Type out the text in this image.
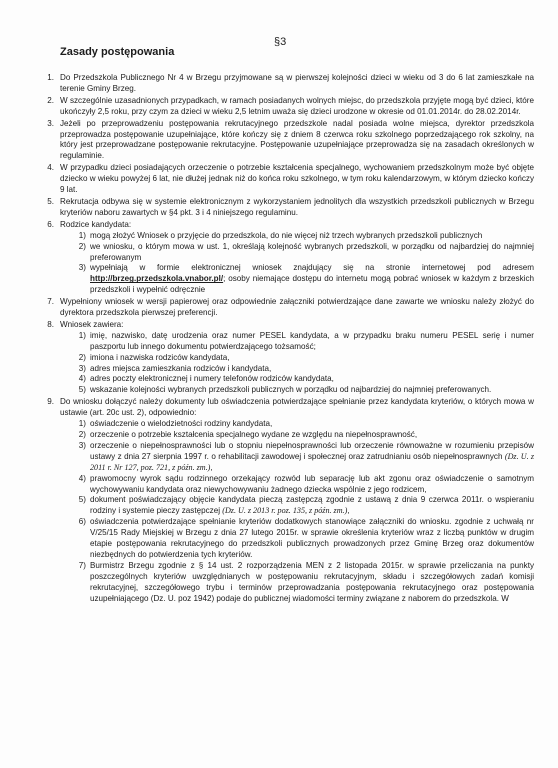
§3
Zasady postępowania
1. Do Przedszkola Publicznego Nr 4 w Brzegu przyjmowane są w pierwszej kolejności dzieci w wieku od 3 do 6 lat zamieszkałe na terenie Gminy Brzeg.
2. W szczególnie uzasadnionych przypadkach, w ramach posiadanych wolnych miejsc, do przedszkola przyjęte mogą być dzieci, które ukończyły 2,5 roku, przy czym za dzieci w wieku 2,5 letnim uważa się dzieci urodzone w okresie od 01.01.2014r. do 28.02.2014r.
3. Jeżeli po przeprowadzeniu postępowania rekrutacyjnego przedszkole nadal posiada wolne miejsca, dyrektor przedszkola przeprowadza postępowanie uzupełniające, które kończy się z dniem 8 czerwca roku szkolnego poprzedzającego rok szkolny, na który jest przeprowadzane postępowanie rekrutacyjne. Postępowanie uzupełniające przeprowadza się na zasadach określonych w regulaminie.
4. W przypadku dzieci posiadających orzeczenie o potrzebie kształcenia specjalnego, wychowaniem przedszkolnym może być objęte dziecko w wieku powyżej 6 lat, nie dłużej jednak niż do końca roku szkolnego, w tym roku kalendarzowym, w którym dziecko kończy 9 lat.
5. Rekrutacja odbywa się w systemie elektronicznym z wykorzystaniem jednolitych dla wszystkich przedszkoli publicznych w Brzegu kryteriów naboru zawartych w §4 pkt. 3 i 4 niniejszego regulaminu.
6. Rodzice kandydata:
1) mogą złożyć Wniosek o przyjęcie do przedszkola, do nie więcej niż trzech wybranych przedszkoli publicznych
2) we wniosku, o którym mowa w ust. 1, określają kolejność wybranych przedszkoli, w porządku od najbardziej do najmniej preferowanym
3) wypełniają w formie elektronicznej wniosek znajdujący się na stronie internetowej pod adresem http://brzeg.przedszkola.vnabor.pl/; osoby niemające dostępu do internetu mogą pobrać wniosek w każdym z brzeskich przedszkoli i wypełnić odręcznie
7. Wypełniony wniosek w wersji papierowej oraz odpowiednie załączniki potwierdzające dane zawarte we wniosku należy złożyć do dyrektora przedszkola pierwszej preferencji.
8. Wniosek zawiera:
1) imię, nazwisko, datę urodzenia oraz numer PESEL kandydata, a w przypadku braku numeru PESEL serię i numer paszportu lub innego dokumentu potwierdzającego tożsamość;
2) imiona i nazwiska rodziców kandydata,
3) adres miejsca zamieszkania rodziców i kandydata,
4) adres poczty elektronicznej i numery telefonów rodziców kandydata,
5) wskazanie kolejności wybranych przedszkoli publicznych w porządku od najbardziej do najmniej preferowanych.
9. Do wniosku dołączyć należy dokumenty lub oświadczenia potwierdzające spełnianie przez kandydata kryteriów, o których mowa w ustawie (art. 20c ust. 2), odpowiednio:
1) oświadczenie o wielodzietności rodziny kandydata,
2) orzeczenie o potrzebie kształcenia specjalnego wydane ze względu na niepełnosprawność,
3) orzeczenie o niepełnosprawności lub o stopniu niepełnosprawności lub orzeczenie równoważne w rozumieniu przepisów ustawy z dnia 27 sierpnia 1997 r. o rehabilitacji zawodowej i społecznej oraz zatrudnianiu osób niepełnosprawnych (Dz. U. z 2011 r. Nr 127, poz. 721, z późn. zm.),
4) prawomocny wyrok sądu rodzinnego orzekający rozwód lub separację lub akt zgonu oraz oświadczenie o samotnym wychowywaniu kandydata oraz niewychowywaniu żadnego dziecka wspólnie z jego rodzicem,
5) dokument poświadczający objęcie kandydata pieczą zastępczą zgodnie z ustawą z dnia 9 czerwca 2011r. o wspieraniu rodziny i systemie pieczy zastępczej (Dz. U. z 2013 r. poz. 135, z późn. zm.),
6) oświadczenia potwierdzające spełnianie kryteriów dodatkowych stanowiące załączniki do wniosku. zgodnie z uchwałą nr V/25/15 Rady Miejskiej w Brzegu z dnia 27 lutego 2015r. w sprawie określenia kryteriów wraz z liczbą punktów w drugim etapie postępowania rekrutacyjnego do przedszkoli publicznych prowadzonych przez Gminę Brzeg oraz dokumentów niezbędnych do potwierdzenia tych kryteriów.
7) Burmistrz Brzegu zgodnie z § 14 ust. 2 rozporządzenia MEN z 2 listopada 2015r. w sprawie przeliczania na punkty poszczególnych kryteriów uwzględnianych w postępowaniu rekrutacyjnym, składu i szczegółowych zadań komisji rekrutacyjnej, szczegółowego trybu i terminów przeprowadzania postępowania rekrutacyjnego oraz postępowania uzupełniającego (Dz. U. poz 1942) podaje do publicznej wiadomości terminy związane z naborem do przedszkola. W
